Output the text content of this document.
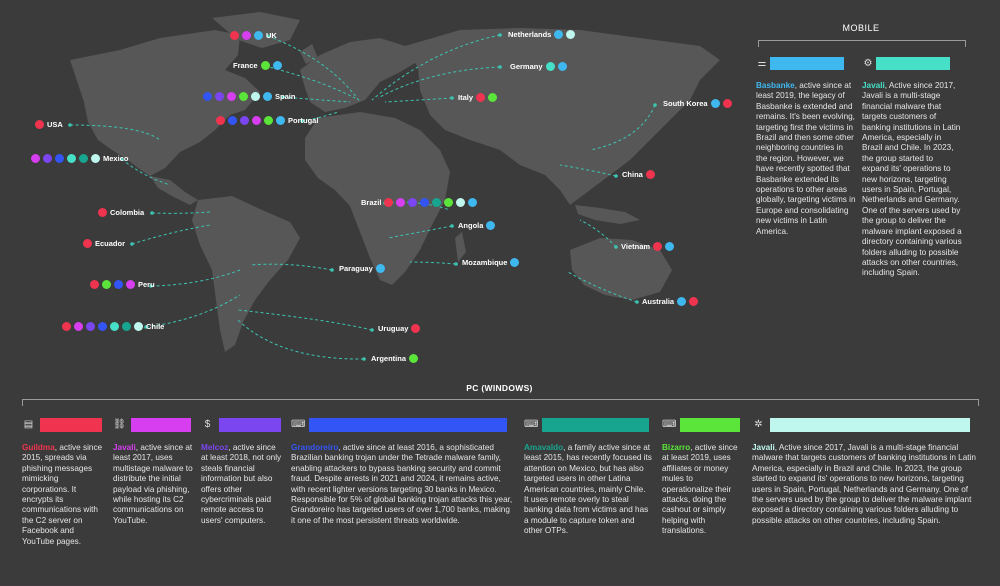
UK	Netherlands
France	Germany
Spain	Italy
Portugal
South Korea
USA
Mexico
China
Brazil
Colombia
Angola
Ecuador	Vietnam
Mozambique
Peru
Paraguay
Australia
Chile	Uruguay
Argentina
MOBILE
⚌

Basbanke, active since at least 2019, the legacy of Basbanke is extended and remains. It's been evolving, targeting first the victims in Brazil and then some other neighboring countries in the region. However, we have recently spotted that Basbanke extended its operations to other areas globally, targeting victims in Europe and consolidating new victims in Latin America.

⚙

Javali, Active since 2017, Javali is a multi-stage financial malware that targets customers of banking institutions in Latin America, especially in Brazil and Chile. In 2023, the group started to expand its' operations to new horizons, targeting users in Spain, Portugal, Netherlands and Germany. One of the servers used by the group to deliver the malware implant exposed a directory containing various folders alluding to possible attacks on other countries, including Spain.

PC (WINDOWS)
▤

Guildma, active since 2015, spreads via phishing messages mimicking corporations. It encrypts its communications with the C2 server on Facebook and YouTube pages.

⛓

Javali, active since at least 2017, uses multistage malware to distribute the initial payload via phishing, while hosting its C2 communications on YouTube.

$

Melcoz, active since at least 2018, not only steals financial information but also offers other cybercriminals paid remote access to users' computers.

⌨

Grandoreiro, active since at least 2016, a sophisticated Brazilian banking trojan under the Tetrade malware family, enabling attackers to bypass banking security and commit fraud. Despite arrests in 2021 and 2024, it remains active, with recent lighter versions targeting 30 banks in Mexico. Responsible for 5% of global banking trojan attacks this year, Grandoreiro has targeted users of over 1,700 banks, making it one of the most persistent threats worldwide.

⌨

Amavaldo, a family active since at least 2015, has recently focused its attention on Mexico, but has also targeted users in other Latina American countries, mainly Chile. It uses remote overly to steal banking data from victims and has a module to capture token and other OTPs.

⌨

Bizarro, active since at least 2019, uses affiliates or money mules to operationalize their attacks, doing the cashout or simply helping with translations.

✲

Javali, Active since 2017, Javali is a multi-stage financial malware that targets customers of banking institutions in Latin America, especially in Brazil and Chile. In 2023, the group started to expand its' operations to new horizons, targeting users in Spain, Portugal, Netherlands and Germany. One of the servers used by the group to deliver the malware implant exposed a directory containing various folders alluding to possible attacks on other countries, including Spain.
